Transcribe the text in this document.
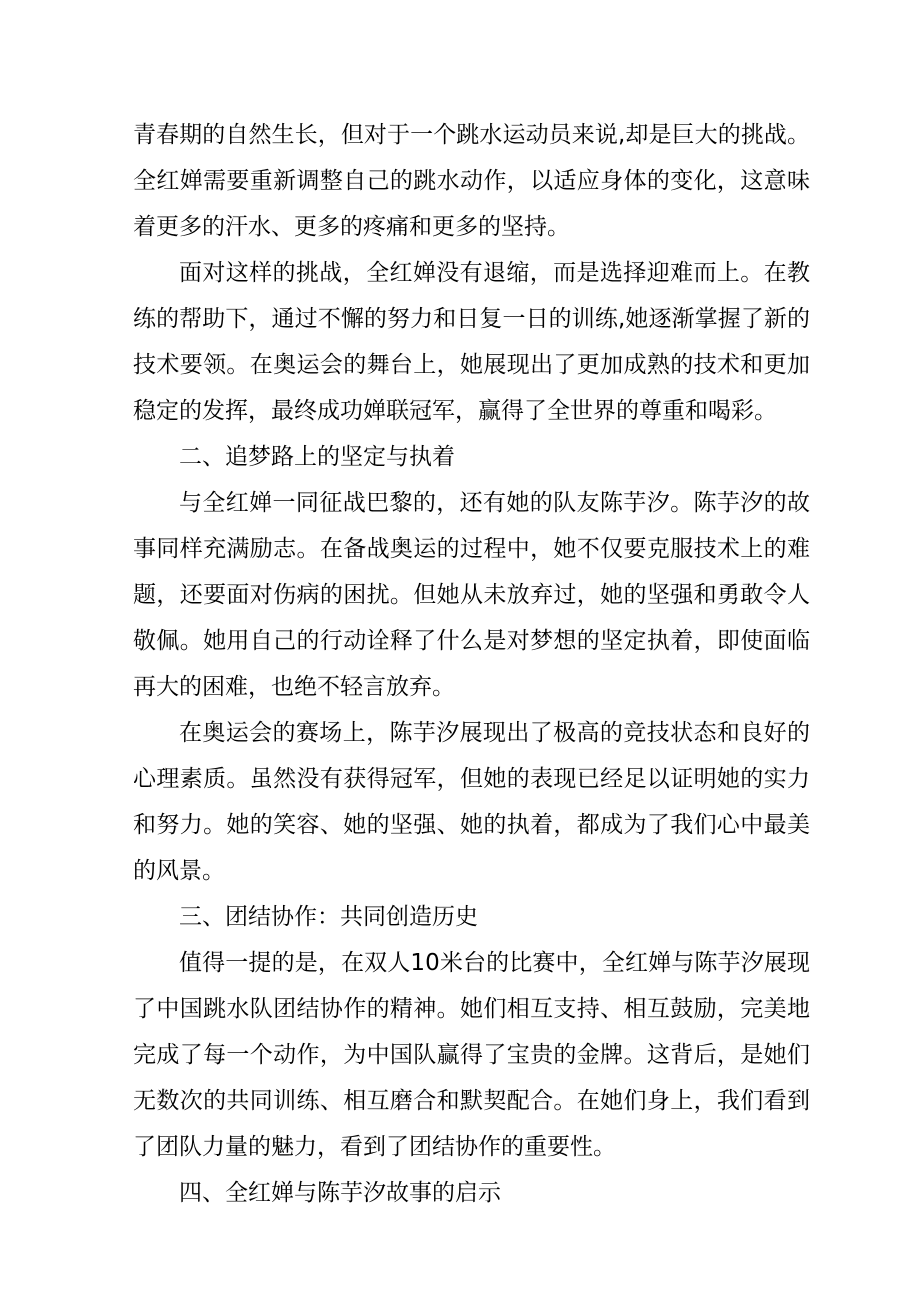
青春期的自然生长，但对于一个跳水运动员来说,却是巨大的挑战。全红婵需要重新调整自己的跳水动作，以适应身体的变化，这意味着更多的汗水、更多的疼痛和更多的坚持。

面对这样的挑战，全红婵没有退缩，而是选择迎难而上。在教练的帮助下，通过不懈的努力和日复一日的训练,她逐渐掌握了新的技术要领。在奥运会的舞台上，她展现出了更加成熟的技术和更加稳定的发挥，最终成功婵联冠军，赢得了全世界的尊重和喝彩。

二、追梦路上的坚定与执着

与全红婵一同征战巴黎的，还有她的队友陈芋汐。陈芋汐的故事同样充满励志。在备战奥运的过程中，她不仅要克服技术上的难题，还要面对伤病的困扰。但她从未放弃过，她的坚强和勇敢令人敬佩。她用自己的行动诠释了什么是对梦想的坚定执着，即使面临再大的困难，也绝不轻言放弃。

在奥运会的赛场上，陈芋汐展现出了极高的竞技状态和良好的心理素质。虽然没有获得冠军，但她的表现已经足以证明她的实力和努力。她的笑容、她的坚强、她的执着，都成为了我们心中最美的风景。

三、团结协作：共同创造历史

值得一提的是，在双人10米台的比赛中，全红婵与陈芋汐展现了中国跳水队团结协作的精神。她们相互支持、相互鼓励，完美地完成了每一个动作，为中国队赢得了宝贵的金牌。这背后，是她们无数次的共同训练、相互磨合和默契配合。在她们身上，我们看到了团队力量的魅力，看到了团结协作的重要性。

四、全红婵与陈芋汐故事的启示
